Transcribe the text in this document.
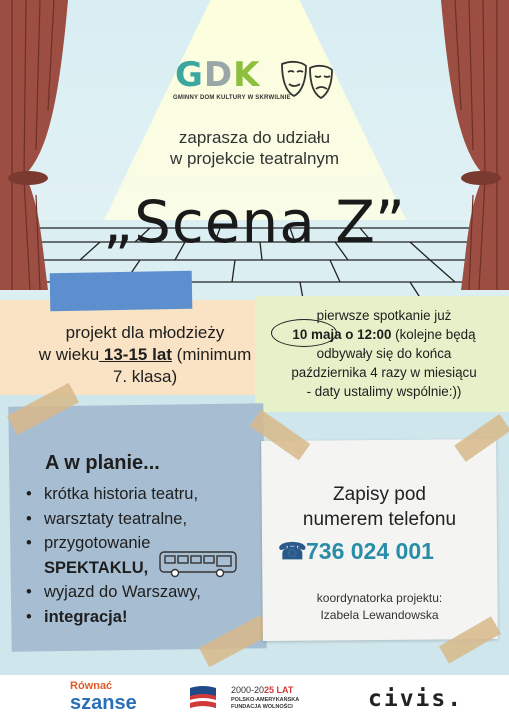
GDK
GMINNY DOM KULTURY W SKRWILNIE
zaprasza do udziału
w projekcie teatralnym
„Scena Z”
projekt dla młodzieży
w wieku 13-15 lat (minimum
7. klasa)
pierwsze spotkanie już
10 maja o 12:00 (kolejne będą
odbywały się do końca
października 4 razy w miesiącu
- daty ustalimy wspólnie:))
A w planie...
• krótka historia teatru,
• warsztaty teatralne,
• przygotowanie
SPEKTAKLU,
• wyjazd do Warszawy,
• integracja!
Zapisy pod
numerem telefonu
☎736 024 001
koordynatorka projektu:
Izabela Lewandowska
Równać
szanse
2000-2025 LAT
POLSKO-AMERYKAŃSKA
FUNDACJA WOLNOŚCI	civis.
